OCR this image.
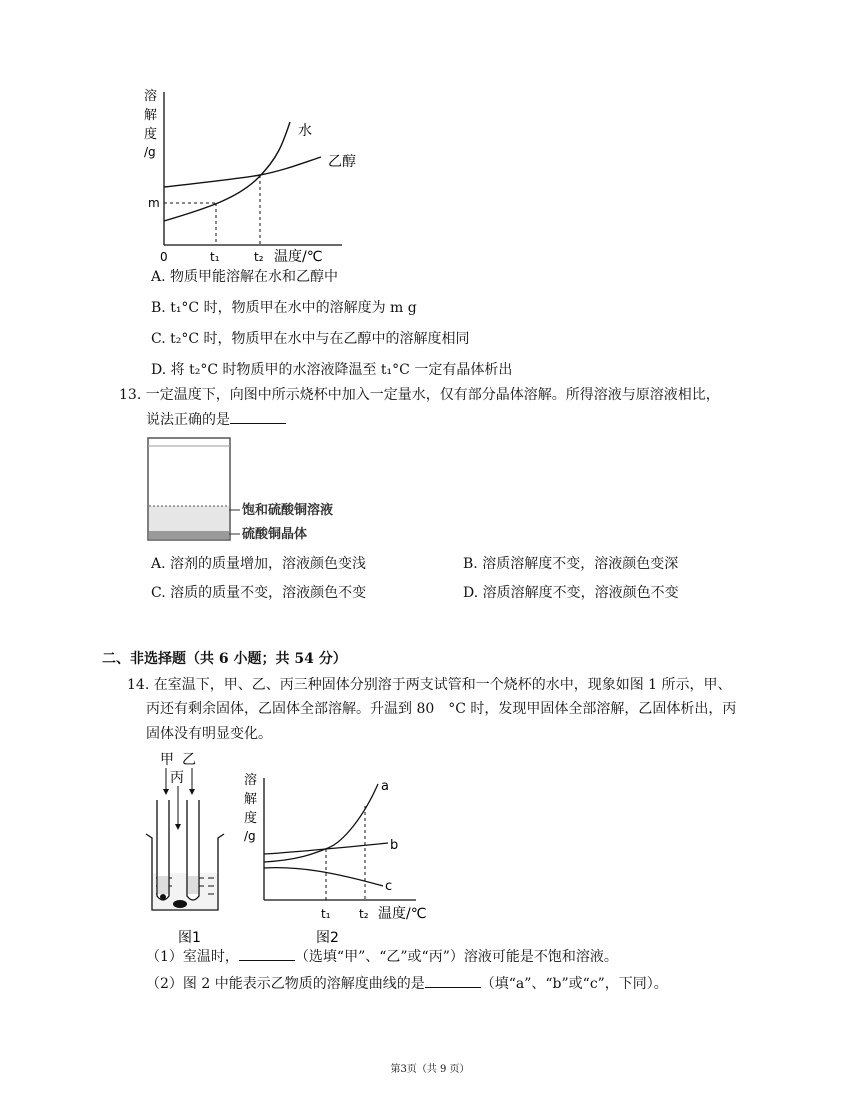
溶
解
度
/g
水
乙醇
m
0	t₁	t₂ 温度/℃
A. 物质甲能溶解在水和乙醇中
B. t₁°C 时，物质甲在水中的溶解度为 m g
C. t₂°C 时，物质甲在水中与在乙醇中的溶解度相同
D. 将 t₂°C 时物质甲的水溶液降温至 t₁°C 一定有晶体析出
13. 一定温度下，向图中所示烧杯中加入一定量水，仅有部分晶体溶解。所得溶液与原溶液相比，
说法正确的是
饱和硫酸铜溶液
硫酸铜晶体
A. 溶剂的质量增加，溶液颜色变浅	B. 溶质溶解度不变，溶液颜色变深
C. 溶质的质量不变，溶液颜色不变	D. 溶质溶解度不变，溶液颜色不变
二、非选择题（共 6 小题；共 54 分）
14. 在室温下，甲、乙、丙三种固体分别溶于两支试管和一个烧杯的水中，现象如图 1 所示，甲、
丙还有剩余固体，乙固体全部溶解。升温到 80　°C 时，发现甲固体全部溶解，乙固体析出，丙
固体没有明显变化。
甲 乙
丙
图1
溶
解
度
/g
a
b
c
t₁ t₂ 温度/℃
图2
（1）室温时，	（选填“甲”、“乙”或“丙”）溶液可能是不饱和溶液。
（2）图 2 中能表示乙物质的溶解度曲线的是	（填“a”、“b”或“c”，下同）。
第3页（共 9 页）
